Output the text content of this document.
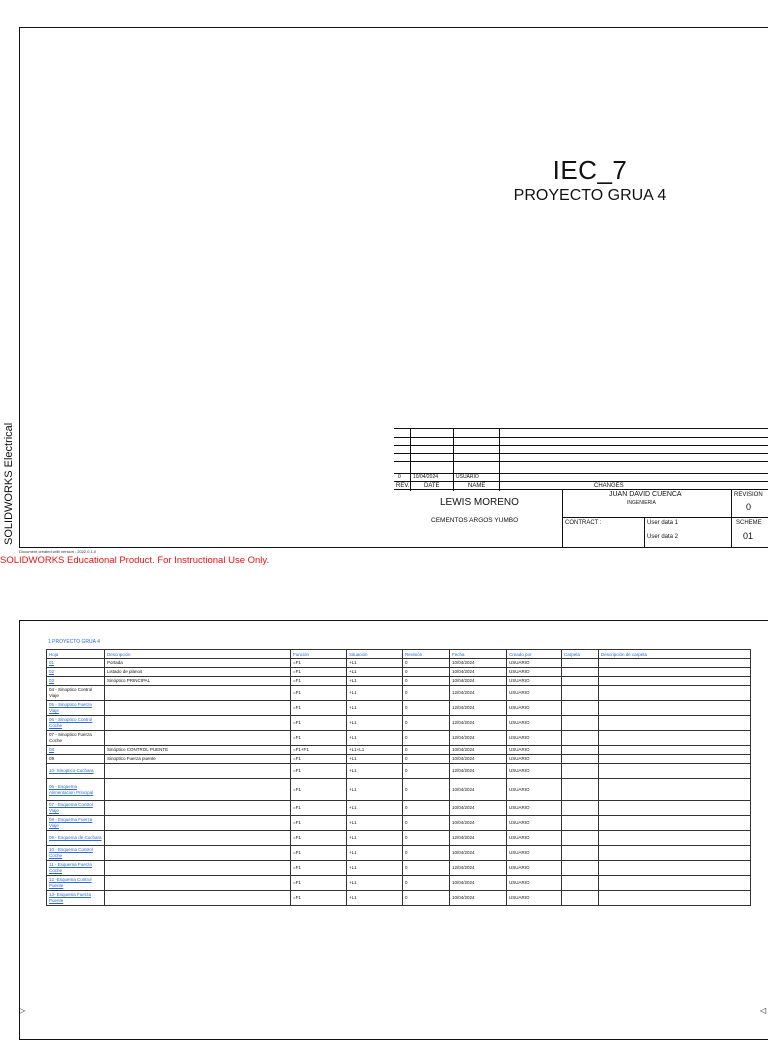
IEC_7
PROYECTO GRUA 4
SOLIDWORKS Electrical
Document created with version : 2022.0.1.0
SOLIDWORKS Educational Product. For Instructional Use Only.
0 10/04/2024	USUARIO
REV. DATE	NAME	CHANGES
LEWIS MORENO
CEMENTOS ARGOS YUMBO
JUAN DAVID CUENCA
INGENIERIA
CONTRACT :	User data 1
User data 2
REVISION
0
SCHEME
01
1 PROYECTO GRUA 4
Hoja	Descripción	Función	Situación	Revisión	Fecha	Creado por	Carpeta	Descripción de carpeta
01	Portada	=F1	+L1	0	10/04/2024	USUARIO		
02	Listado de planos	=F1	+L1	0	10/04/2024	USUARIO		
03	Sinóptico PRINCIPAL	=F1	+L1	0	10/04/2024	USUARIO		
04 - Sinoptico Control Viaje		=F1	+L1	0	12/04/2024	USUARIO		
05 - Sinoptico Fuerza Viaje		=F1	+L1	0	12/04/2024	USUARIO		
06 - Sinoptico Control Coche		=F1	+L1	0	12/04/2024	USUARIO		
07 - Sinoptico Fuerza Coche		=F1	+L1	0	12/04/2024	USUARIO		
08	Sinóptico CONTROL PUENTE	=F1+F1	+L1+L1	0	10/04/2024	USUARIO		
09	Sinoptico Fuerza puente	=F1	+L1	0	10/04/2024	USUARIO		
10- Sinoptico Cuchara		=F1	+L1	0	12/04/2024	USUARIO		
06 - Esquema Alimentacion Principal		=F1	+L1	0	10/04/2024	USUARIO		
07 - Esquema Control Viaje		=F1	+L1	0	10/04/2024	USUARIO		
08 - Esquema Fuerza Viaje		=F1	+L1	0	10/04/2024	USUARIO		
09 - Esquema de Cuchara		=F1	+L1	0	12/04/2024	USUARIO		
10 - Esquema Control Coche		=F1	+L1	0	10/04/2024	USUARIO		
11 - Esquema Fuerza Coche		=F1	+L1	0	12/04/2024	USUARIO		
12 -Esquema Control Puente		=F1	+L1	0	10/04/2024	USUARIO		
13- Esquema Fuerza Puente		=F1	+L1	0	10/04/2024	USUARIO		
▷	◁
